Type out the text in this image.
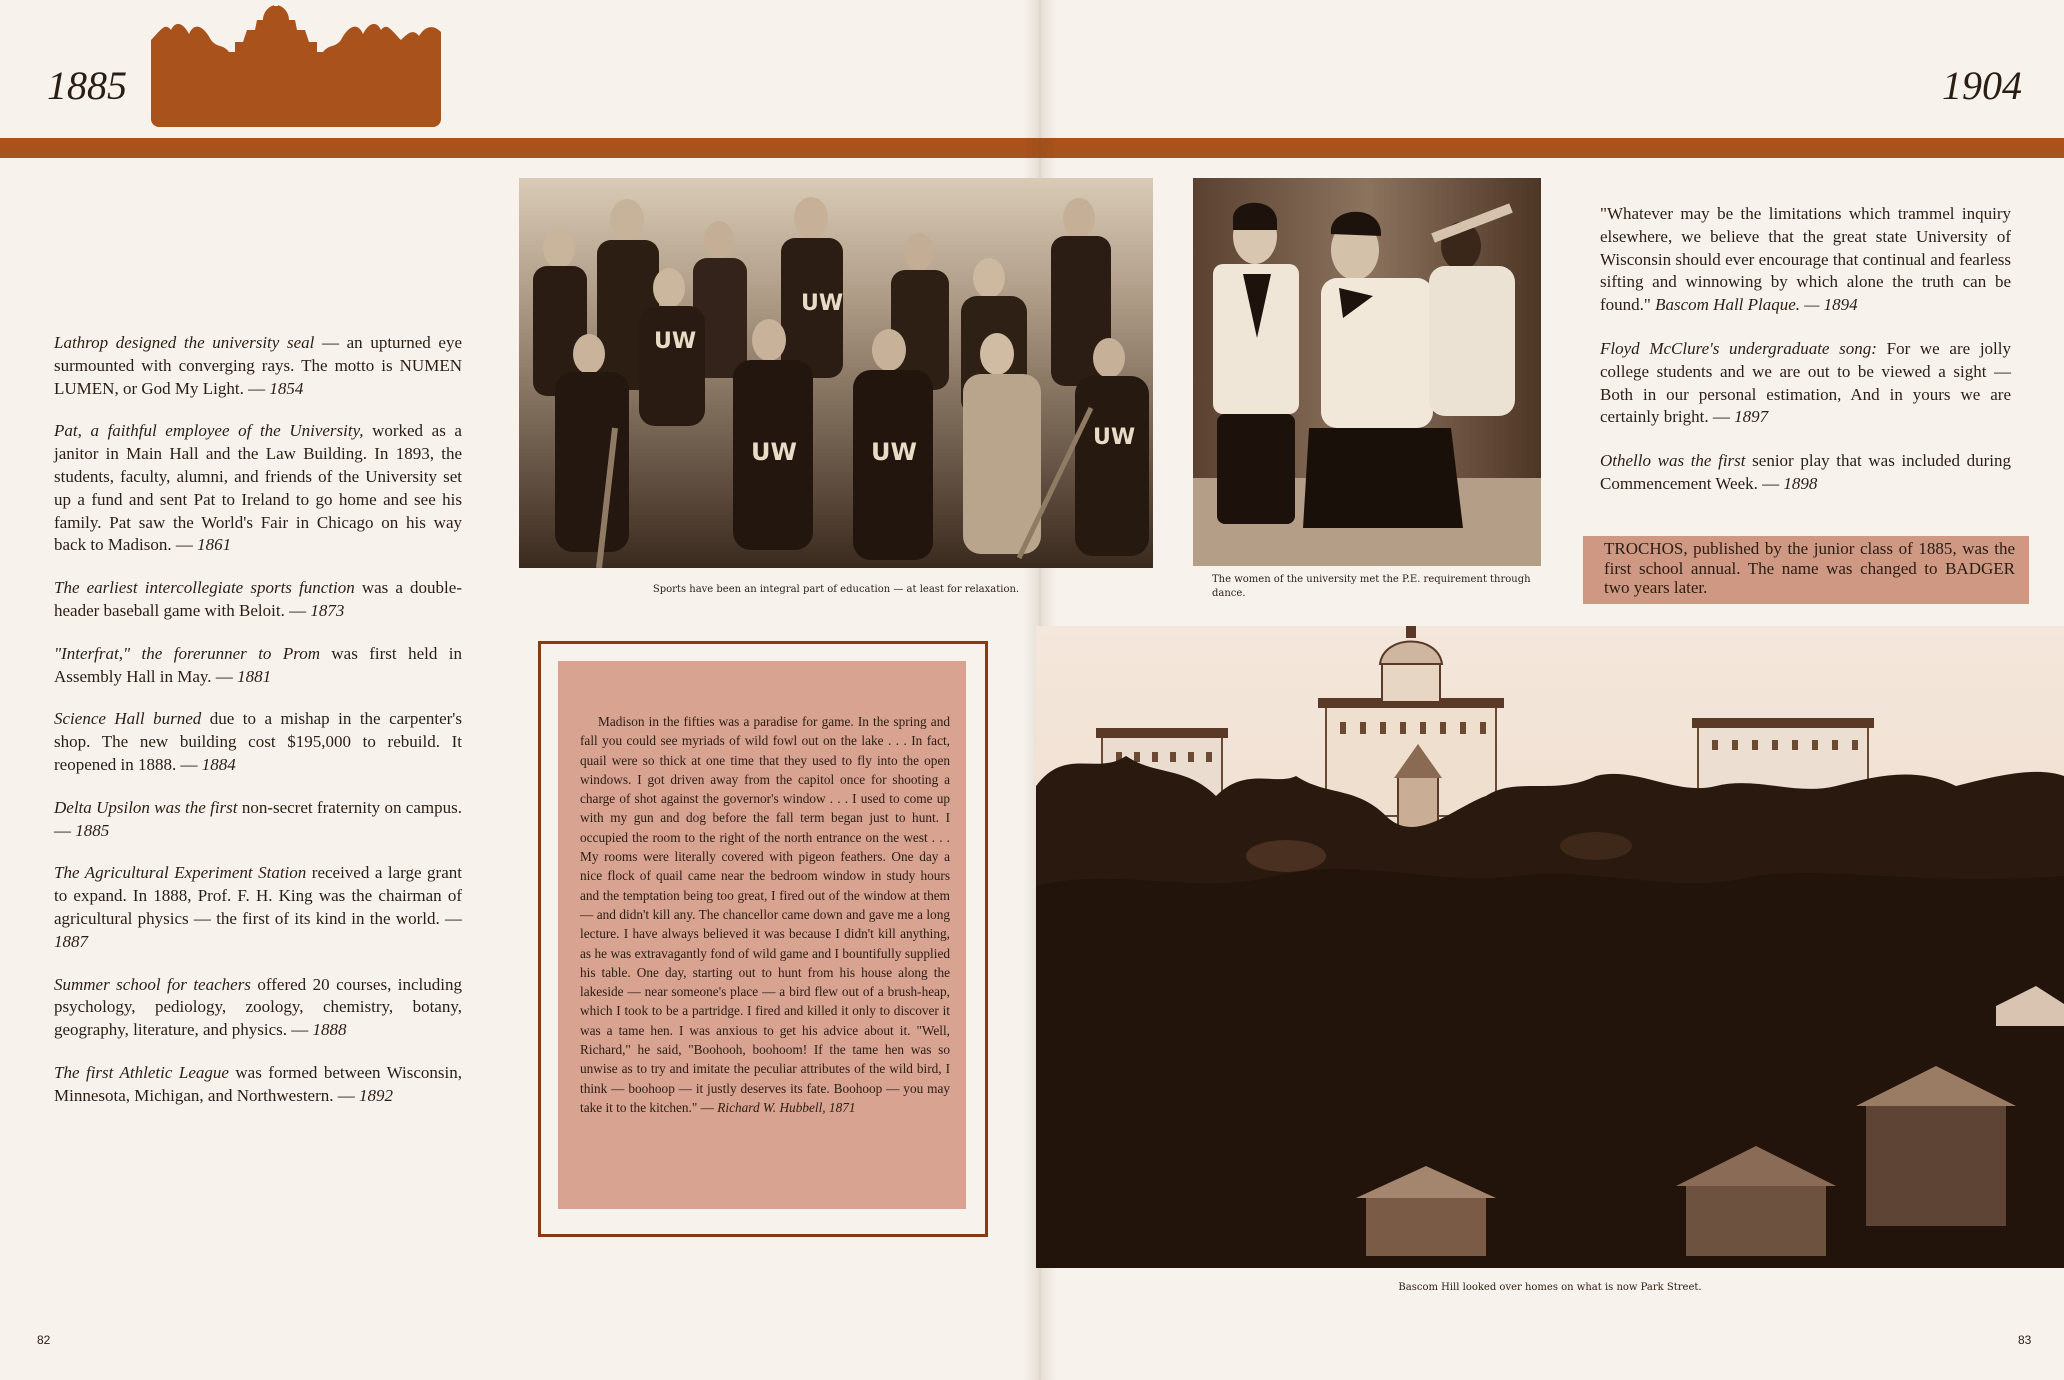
1885	1904

Lathrop designed the university seal — an upturned eye surmounted with converging rays. The motto is NUMEN LUMEN, or God My Light. — 1854

Pat, a faithful employee of the University, worked as a janitor in Main Hall and the Law Building. In 1893, the students, faculty, alumni, and friends of the University set up a fund and sent Pat to Ireland to go home and see his family. Pat saw the World's Fair in Chicago on his way back to Madison. — 1861

The earliest intercollegiate sports function was a double-header baseball game with Beloit. — 1873

"Interfrat," the forerunner to Prom was first held in Assembly Hall in May. — 1881

Science Hall burned due to a mishap in the carpenter's shop. The new building cost $195,000 to rebuild. It reopened in 1888. — 1884

Delta Upsilon was the first non-secret fraternity on campus. — 1885

The Agricultural Experiment Station received a large grant to expand. In 1888, Prof. F. H. King was the chairman of agricultural physics — the first of its kind in the world. — 1887

Summer school for teachers offered 20 courses, including psychology, pediology, zoology, chemistry, botany, geography, literature, and physics. — 1888

The first Athletic League was formed between Wisconsin, Minnesota, Michigan, and Northwestern. — 1892

UW
UW
UW	UW
UW
Sports have been an integral part of education — at least for relaxation.
The women of the university met the P.E. requirement through dance.

"Whatever may be the limitations which trammel inquiry elsewhere, we believe that the great state University of Wisconsin should ever encourage that continual and fearless sifting and winnowing by which alone the truth can be found." Bascom Hall Plaque. — 1894

Floyd McClure's undergraduate song: For we are jolly college students and we are out to be viewed a sight — Both in our personal estimation, And in yours we are certainly bright. — 1897

Othello was the first senior play that was included during Commencement Week. — 1898

TROCHOS, published by the junior class of 1885, was the first school annual. The name was changed to BADGER two years later.
Madison in the fifties was a paradise for game. In the spring and fall you could see myriads of wild fowl out on the lake . . . In fact, quail were so thick at one time that they used to fly into the open windows. I got driven away from the capitol once for shooting a charge of shot against the governor's window . . . I used to come up with my gun and dog before the fall term began just to hunt. I occupied the room to the right of the north entrance on the west . . . My rooms were literally covered with pigeon feathers. One day a nice flock of quail came near the bedroom window in study hours and the temptation being too great, I fired out of the window at them — and didn't kill any. The chancellor came down and gave me a long lecture. I have always believed it was because I didn't kill anything, as he was extravagantly fond of wild game and I bountifully supplied his table. One day, starting out to hunt from his house along the lakeside — near someone's place — a bird flew out of a brush-heap, which I took to be a partridge. I fired and killed it only to discover it was a tame hen. I was anxious to get his advice about it. "Well, Richard," he said, "Boohooh, boohoom! If the tame hen was so unwise as to try and imitate the peculiar attributes of the wild bird, I think — boohoop — it justly deserves its fate. Boohoop — you may take it to the kitchen." — Richard W. Hubbell, 1871
Bascom Hill looked over homes on what is now Park Street.
82	83
